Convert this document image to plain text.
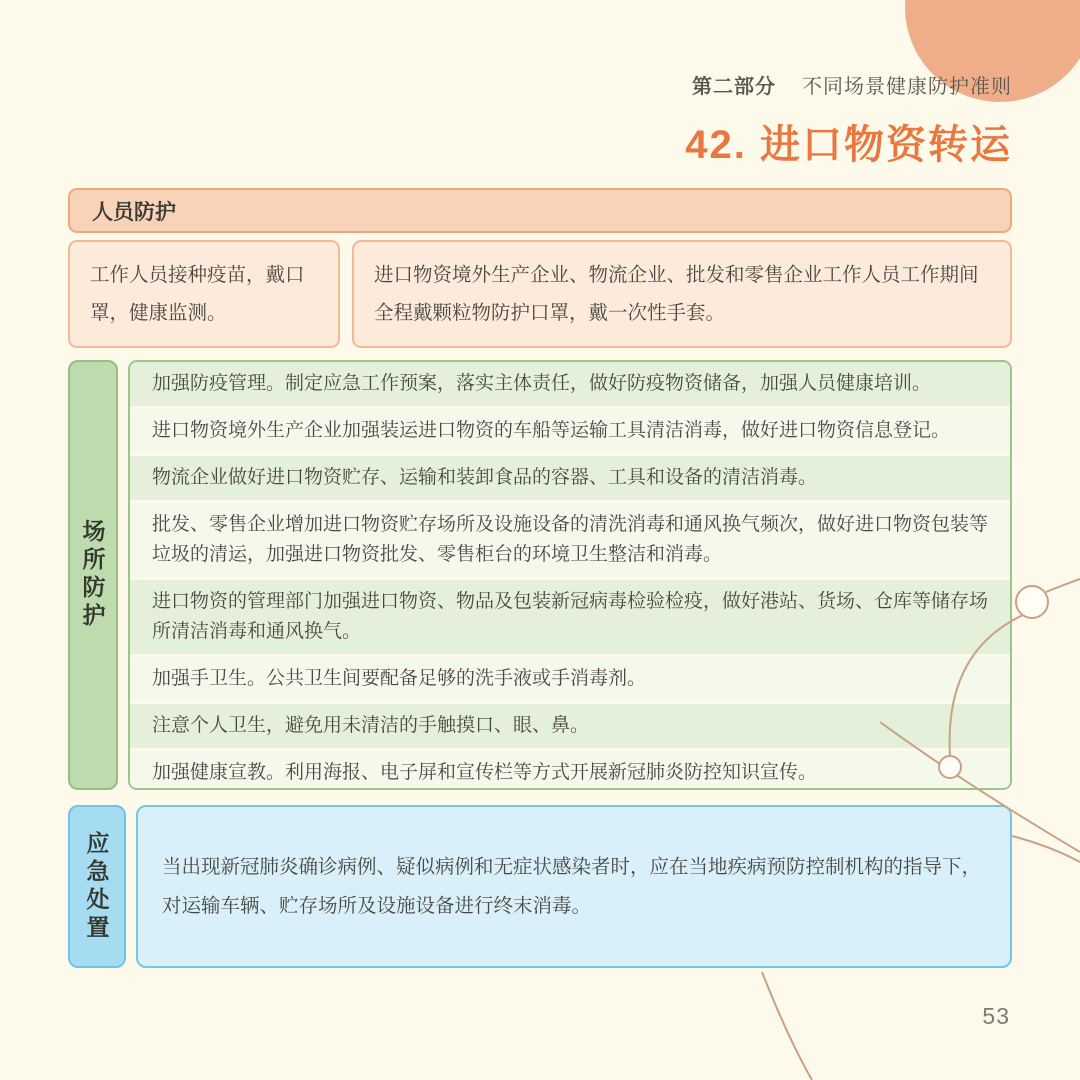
第二部分 不同场景健康防护准则
42. 进口物资转运
人员防护
工作人员接种疫苗，戴口罩，健康监测。
进口物资境外生产企业、物流企业、批发和零售企业工作人员工作期间全程戴颗粒物防护口罩，戴一次性手套。
场所防护
加强防疫管理。制定应急工作预案，落实主体责任，做好防疫物资储备，加强人员健康培训。
进口物资境外生产企业加强装运进口物资的车船等运输工具清洁消毒，做好进口物资信息登记。
物流企业做好进口物资贮存、运输和装卸食品的容器、工具和设备的清洁消毒。
批发、零售企业增加进口物资贮存场所及设施设备的清洗消毒和通风换气频次，做好进口物资包装等垃圾的清运，加强进口物资批发、零售柜台的环境卫生整洁和消毒。
进口物资的管理部门加强进口物资、物品及包装新冠病毒检验检疫，做好港站、货场、仓库等储存场所清洁消毒和通风换气。
加强手卫生。公共卫生间要配备足够的洗手液或手消毒剂。
注意个人卫生，避免用未清洁的手触摸口、眼、鼻。
加强健康宣教。利用海报、电子屏和宣传栏等方式开展新冠肺炎防控知识宣传。
应急处置	当出现新冠肺炎确诊病例、疑似病例和无症状感染者时，应在当地疾病预防控制机构的指导下，对运输车辆、贮存场所及设施设备进行终末消毒。
53
